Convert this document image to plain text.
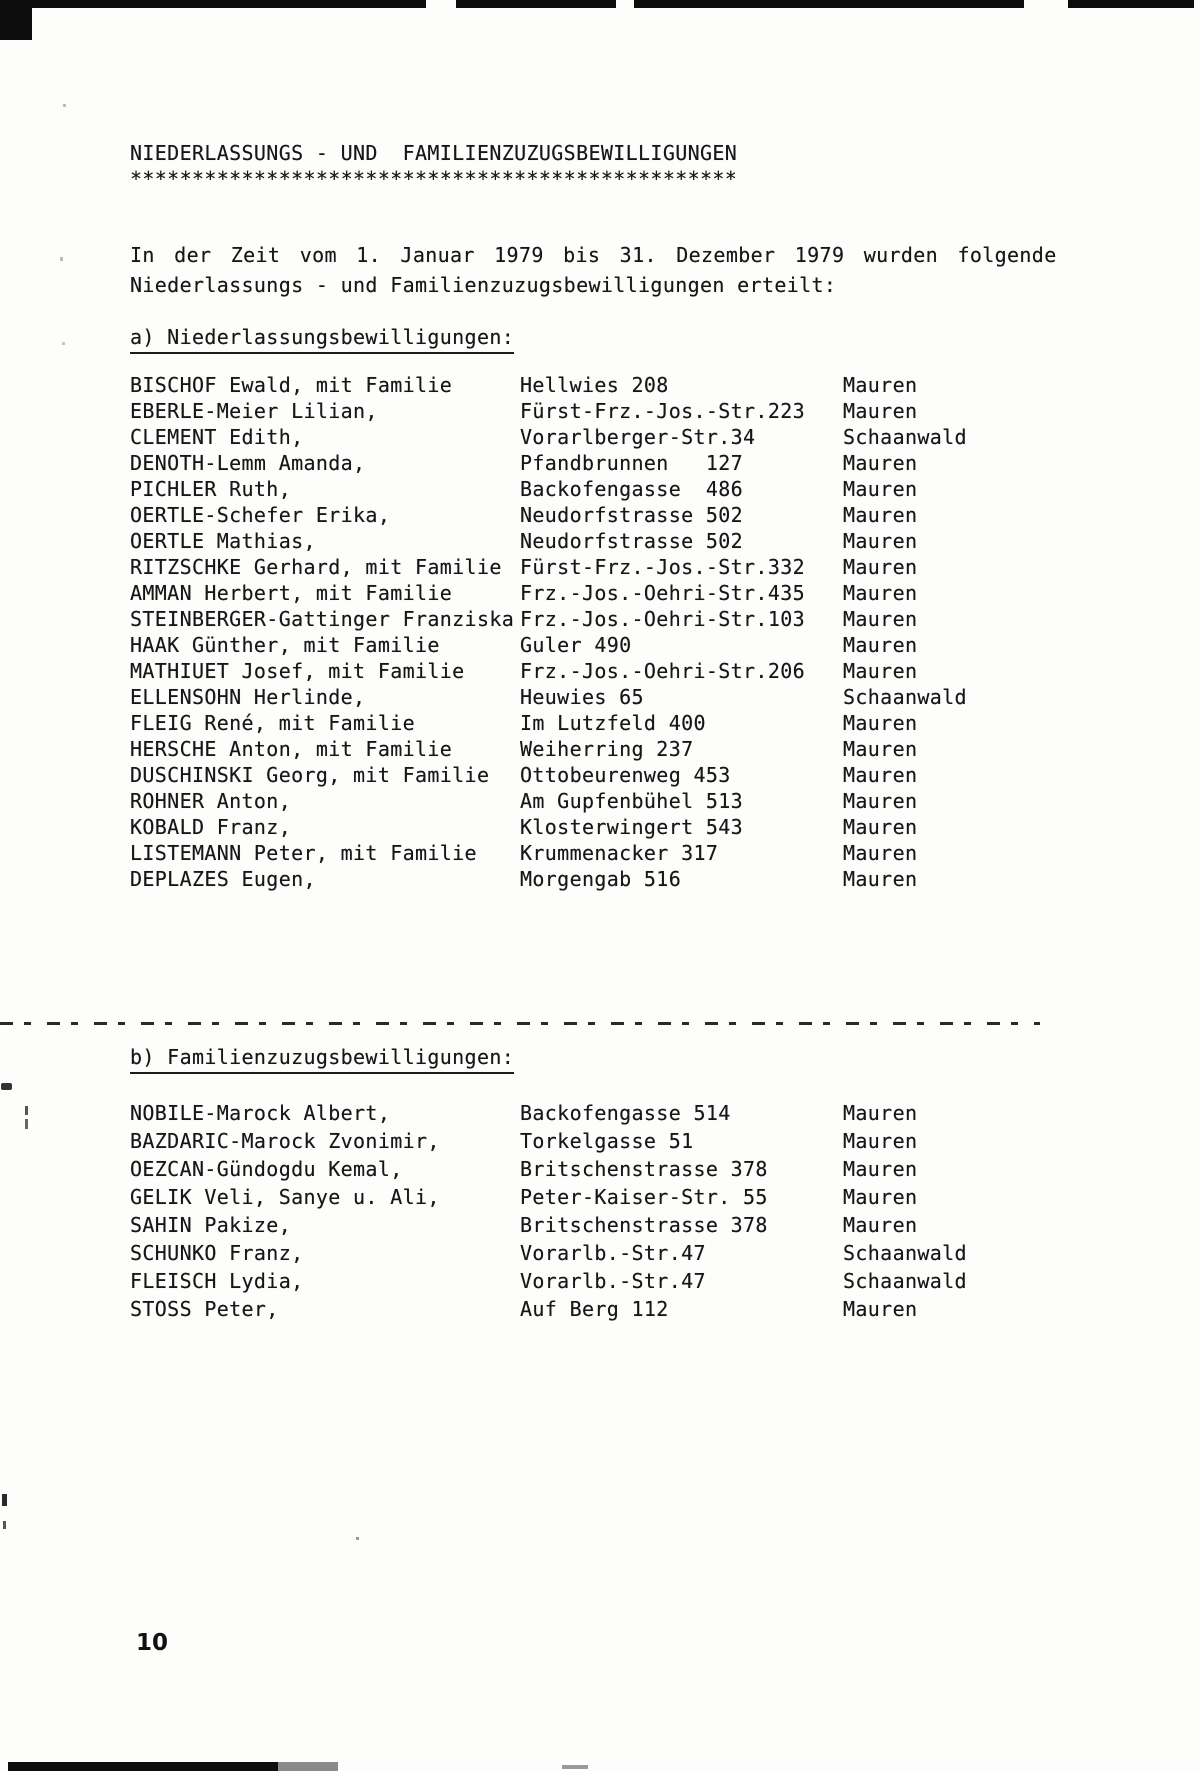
NIEDERLASSUNGS - UND  FAMILIENZUZUGSBEWILLIGUNGEN
*************************************************
In der Zeit vom 1. Januar 1979 bis 31. Dezember 1979 wurden folgende
Niederlassungs - und Familienzuzugsbewilligungen erteilt:
a) Niederlassungsbewilligungen:
BISCHOF Ewald, mit Familie	Hellwies 208	Mauren
EBERLE-Meier Lilian,	Fürst-Frz.-Jos.-Str.223 Mauren
CLEMENT Edith,	Vorarlberger-Str.34	Schaanwald
DENOTH-Lemm Amanda,	Pfandbrunnen   127	Mauren
PICHLER Ruth,	Backofengasse  486	Mauren
OERTLE-Schefer Erika,	Neudorfstrasse 502	Mauren
OERTLE Mathias,	Neudorfstrasse 502	Mauren
RITZSCHKE Gerhard, mit Familie Fürst-Frz.-Jos.-Str.332 Mauren
AMMAN Herbert, mit Familie	Frz.-Jos.-Oehri-Str.435 Mauren
STEINBERGER-Gattinger Franziska Frz.-Jos.-Oehri-Str.103 Mauren
HAAK Günther, mit Familie	Guler 490	Mauren
MATHIUET Josef, mit Familie	Frz.-Jos.-Oehri-Str.206 Mauren
ELLENSOHN Herlinde,	Heuwies 65	Schaanwald
FLEIG René, mit Familie	Im Lutzfeld 400	Mauren
HERSCHE Anton, mit Familie	Weiherring 237	Mauren
DUSCHINSKI Georg, mit Familie Ottobeurenweg 453	Mauren
ROHNER Anton,	Am Gupfenbühel 513	Mauren
KOBALD Franz,	Klosterwingert 543	Mauren
LISTEMANN Peter, mit Familie Krummenacker 317	Mauren
DEPLAZES Eugen,	Morgengab 516	Mauren
b) Familienzuzugsbewilligungen:
NOBILE-Marock Albert,	Backofengasse 514	Mauren
BAZDARIC-Marock Zvonimir,	Torkelgasse 51	Mauren
OEZCAN-Gündogdu Kemal,	Britschenstrasse 378	Mauren
GELIK Veli, Sanye u. Ali,	Peter-Kaiser-Str. 55	Mauren
SAHIN Pakize,	Britschenstrasse 378	Mauren
SCHUNKO Franz,	Vorarlb.-Str.47	Schaanwald
FLEISCH Lydia,	Vorarlb.-Str.47	Schaanwald
STOSS Peter,	Auf Berg 112	Mauren
10
